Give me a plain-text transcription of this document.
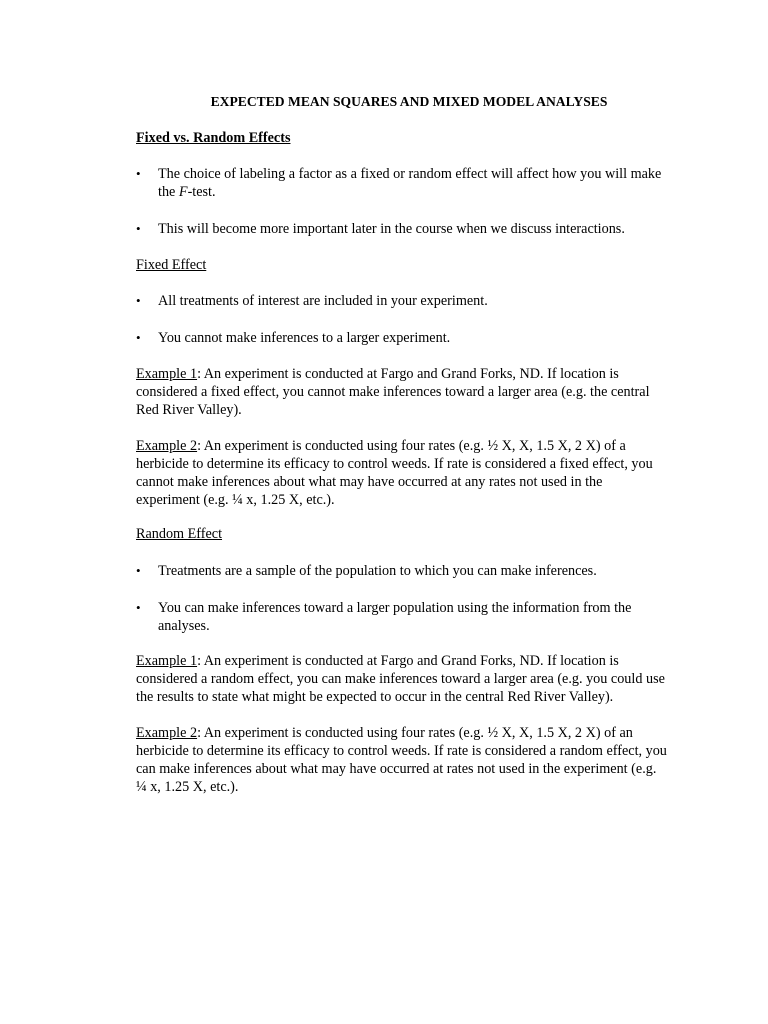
EXPECTED MEAN SQUARES AND MIXED MODEL ANALYSES

Fixed vs. Random Effects

• The choice of labeling a factor as a fixed or random effect will affect how you will make the F-test.
• This will become more important later in the course when we discuss interactions.

Fixed Effect

• All treatments of interest are included in your experiment.
• You cannot make inferences to a larger experiment.

Example 1: An experiment is conducted at Fargo and Grand Forks, ND. If location is considered a fixed effect, you cannot make inferences toward a larger area (e.g. the central Red River Valley).

Example 2: An experiment is conducted using four rates (e.g. ½ X, X, 1.5 X, 2 X) of a herbicide to determine its efficacy to control weeds. If rate is considered a fixed effect, you cannot make inferences about what may have occurred at any rates not used in the experiment (e.g. ¼ x, 1.25 X, etc.).

Random Effect

• Treatments are a sample of the population to which you can make inferences.
• You can make inferences toward a larger population using the information from the analyses.

Example 1: An experiment is conducted at Fargo and Grand Forks, ND. If location is considered a random effect, you can make inferences toward a larger area (e.g. you could use the results to state what might be expected to occur in the central Red River Valley).

Example 2: An experiment is conducted using four rates (e.g. ½ X, X, 1.5 X, 2 X) of an herbicide to determine its efficacy to control weeds. If rate is considered a random effect, you can make inferences about what may have occurred at rates not used in the experiment (e.g. ¼ x, 1.25 X, etc.).
